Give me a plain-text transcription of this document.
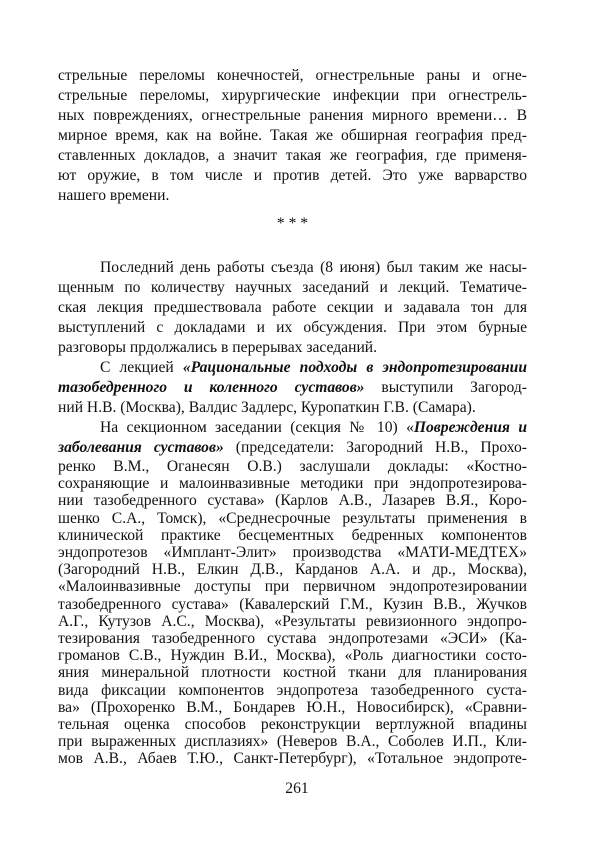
стрельные переломы конечностей, огнестрельные раны и огне-
стрельные переломы, хирургические инфекции при огнестрель-
ных повреждениях, огнестрельные ранения мирного времени… В
мирное время, как на войне. Такая же обширная география пред-
ставленных докладов, а значит такая же география, где применя-
ют оружие, в том числе и против детей. Это уже варварство
нашего времени.
* * *
Последний день работы съезда (8 июня) был таким же насы-
щенным по количеству научных заседаний и лекций. Тематиче-
ская лекция предшествовала работе секции и задавала тон для
выступлений с докладами и их обсуждения. При этом бурные
разговоры прдолжались в перерывах заседаний.
С лекцией «Рациональные подходы в эндопротезировании
тазобедренного и коленного суставов» выступили Загород-
ний Н.В. (Москва), Валдис Задлерс, Куропаткин Г.В. (Самара).
На секционном заседании (секция № 10) «Повреждения и
заболевания суставов» (председатели: Загородний Н.В., Прохо-
ренко В.М., Оганесян О.В.) заслушали доклады: «Костно-
сохраняющие и малоинвазивные методики при эндопротезирова-
нии тазобедренного сустава» (Карлов А.В., Лазарев В.Я., Коро-
шенко С.А., Томск), «Среднесрочные результаты применения в
клинической практике бесцементных бедренных компонентов
эндопротезов «Имплант-Элит» производства «МАТИ-МЕДТЕХ»
(Загородний Н.В., Елкин Д.В., Карданов А.А. и др., Москва),
«Малоинвазивные доступы при первичном эндопротезировании
тазобедренного сустава» (Кавалерский Г.М., Кузин В.В., Жучков
А.Г., Кутузов А.С., Москва), «Результаты ревизионного эндопро-
тезирования тазобедренного сустава эндопротезами «ЭСИ» (Ка-
громанов С.В., Нуждин В.И., Москва), «Роль диагностики состо-
яния минеральной плотности костной ткани для планирования
вида фиксации компонентов эндопротеза тазобедренного суста-
ва» (Прохоренко В.М., Бондарев Ю.Н., Новосибирск), «Сравни-
тельная оценка способов реконструкции вертлужной впадины
261
при выраженных дисплазиях» (Неверов В.А., Соболев И.П., Кли-
мов А.В., Абаев Т.Ю., Санкт-Петербург), «Тотальное эндопроте-
